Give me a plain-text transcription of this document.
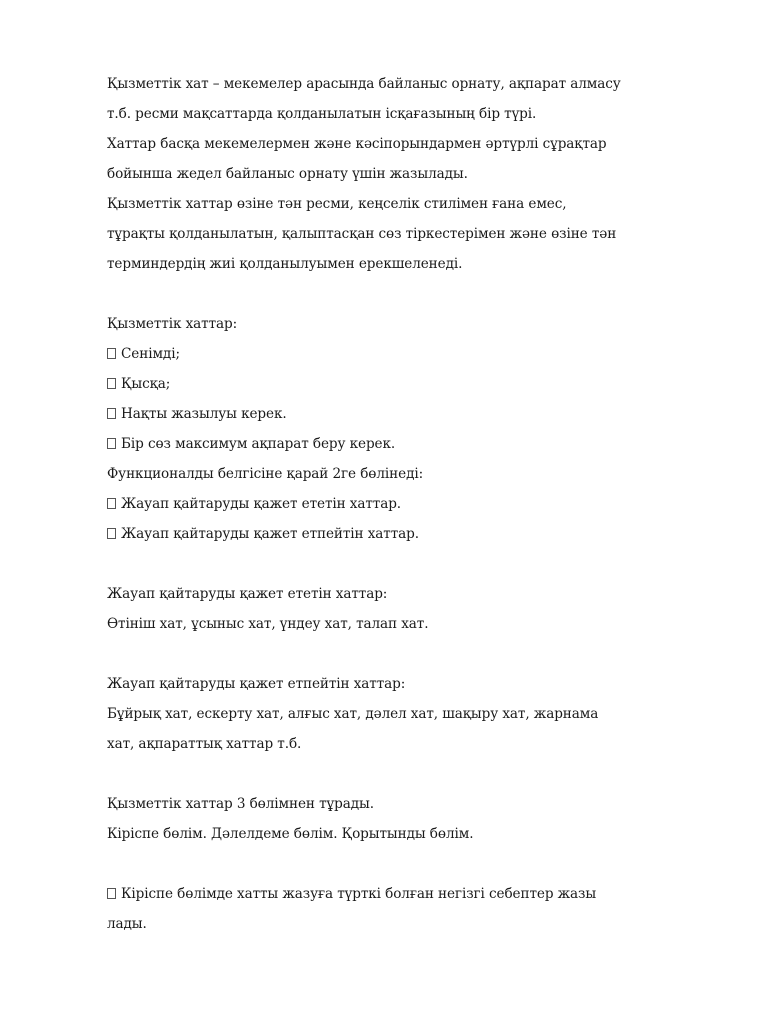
Қызметтік хат – мекемелер арасында байланыс орнату, ақпарат алмасу
т.б. ресми мақсаттарда қолданылатын ісқағазының бір түрі.
Хаттар басқа мекемелермен және кәсіпорындармен әртүрлі сұрақтар
бойынша жедел байланыс орнату үшін жазылады.
Қызметтік хаттар өзіне тән ресми, кеңселік стилімен ғана емес,
тұрақты қолданылатын, қалыптасқан сөз тіркестерімен және өзіне тән
терминдердің жиі қолданылуымен ерекшеленеді.
Қызметтік хаттар:
Сенімді;
Қысқа;
Нақты жазылуы керек.
Бір сөз максимум ақпарат беру керек.
Функционалды белгісіне қарай 2ге бөлінеді:
Жауап қайтаруды қажет ететін хаттар.
Жауап қайтаруды қажет етпейтін хаттар.
Жауап қайтаруды қажет ететін хаттар:
Өтініш хат, ұсыныс хат, үндеу хат, талап хат.
Жауап қайтаруды қажет етпейтін хаттар:
Бұйрық хат, ескерту хат, алғыс хат, дәлел хат, шақыру хат, жарнама
хат, ақпараттық хаттар т.б.
Қызметтік хаттар 3 бөлімнен тұрады.
Кіріспе бөлім. Дәлелдеме бөлім. Қорытынды бөлім.
Кіріспе бөлімде хатты жазуға түрткі болған негізгі себептер жазы
лады.
